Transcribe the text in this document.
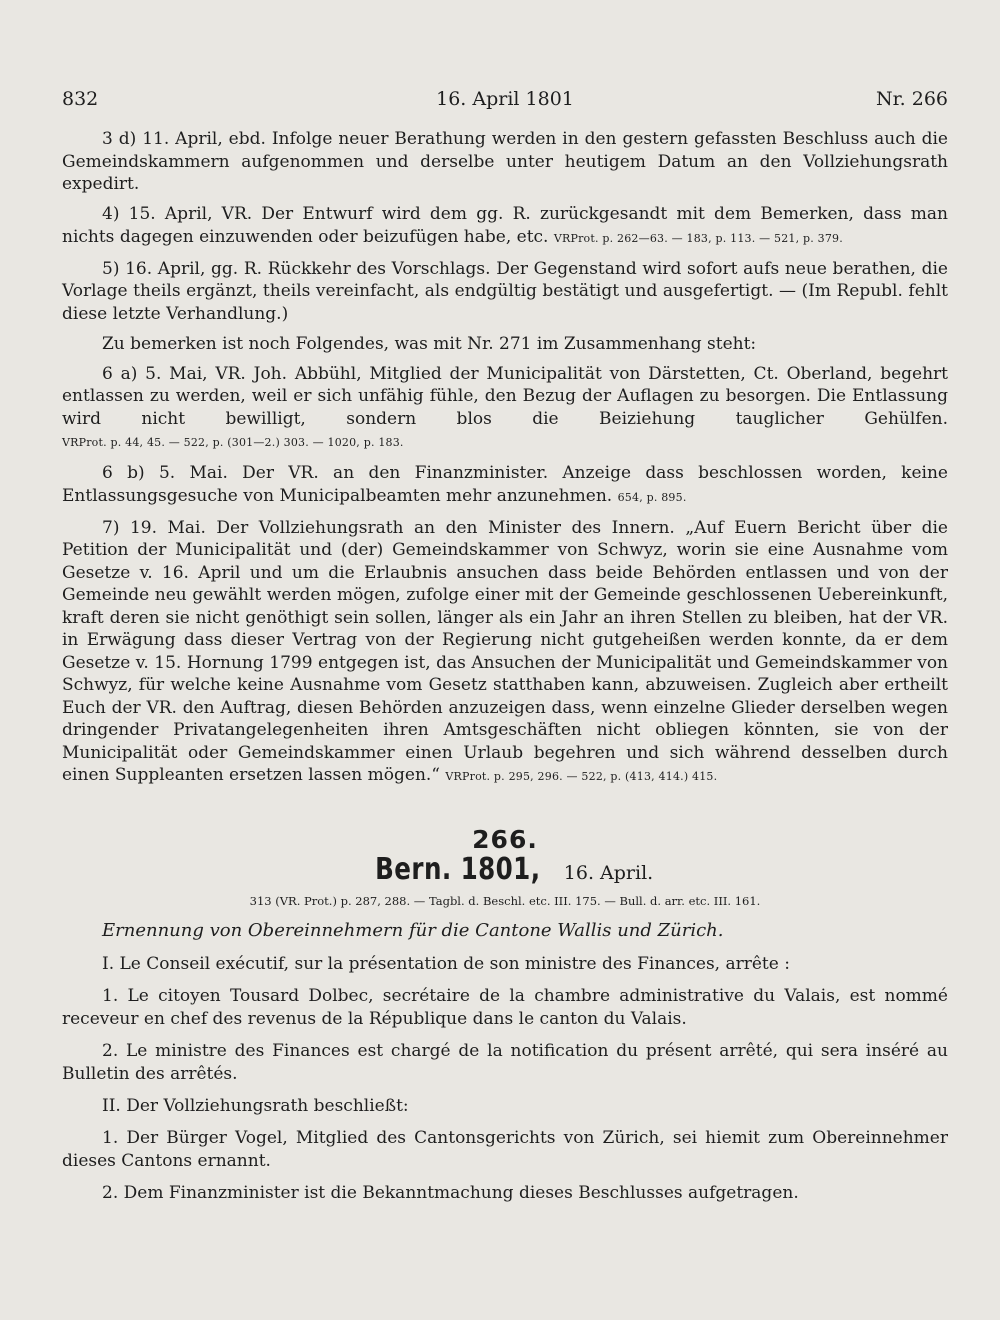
832	16. April 1801	Nr. 266

3 d) 11. April, ebd. Infolge neuer Berathung werden in den gestern gefassten Beschluss auch die Gemeindskammern aufgenommen und derselbe unter heutigem Datum an den Vollziehungsrath expedirt.

4) 15. April, VR. Der Entwurf wird dem gg. R. zurückgesandt mit dem Bemerken, dass man nichts dagegen einzuwenden oder beizufügen habe, etc. VRProt. p. 262—63. — 183, p. 113. — 521, p. 379.

5) 16. April, gg. R. Rückkehr des Vorschlags. Der Gegenstand wird sofort aufs neue berathen, die Vorlage theils ergänzt, theils vereinfacht, als endgültig bestätigt und ausgefertigt. — (Im Republ. fehlt diese letzte Verhandlung.)

Zu bemerken ist noch Folgendes, was mit Nr. 271 im Zusammenhang steht:

6 a) 5. Mai, VR. Joh. Abbühl, Mitglied der Municipalität von Därstetten, Ct. Oberland, begehrt entlassen zu werden, weil er sich unfähig fühle, den Bezug der Auflagen zu besorgen. Die Entlassung wird nicht bewilligt, sondern blos die Beiziehung tauglicher Gehülfen. VRProt. p. 44, 45. — 522, p. (301—2.) 303. — 1020, p. 183.

6 b) 5. Mai. Der VR. an den Finanzminister. Anzeige dass beschlossen worden, keine Entlassungsgesuche von Municipalbeamten mehr anzunehmen. 654, p. 895.

7) 19. Mai. Der Vollziehungsrath an den Minister des Innern. „Auf Euern Bericht über die Petition der Municipalität und (der) Gemeindskammer von Schwyz, worin sie eine Ausnahme vom Gesetze v. 16. April und um die Erlaubnis ansuchen dass beide Behörden entlassen und von der Gemeinde neu gewählt werden mögen, zufolge einer mit der Gemeinde geschlossenen Uebereinkunft, kraft deren sie nicht genöthigt sein sollen, länger als ein Jahr an ihren Stellen zu bleiben, hat der VR. in Erwägung dass dieser Vertrag von der Regierung nicht gutgeheißen werden konnte, da er dem Gesetze v. 15. Hornung 1799 entgegen ist, das Ansuchen der Municipalität und Gemeindskammer von Schwyz, für welche keine Ausnahme vom Gesetz statthaben kann, abzuweisen. Zugleich aber ertheilt Euch der VR. den Auftrag, diesen Behörden anzuzeigen dass, wenn einzelne Glieder derselben wegen dringender Privatangelegenheiten ihren Amtsgeschäften nicht obliegen könnten, sie von der Municipalität oder Gemeindskammer einen Urlaub begehren und sich während desselben durch einen Suppleanten ersetzen lassen mögen.“ VRProt. p. 295, 296. — 522, p. (413, 414.) 415.

266.
Bern. 1801, 16. April.
313 (VR. Prot.) p. 287, 288. — Tagbl. d. Beschl. etc. III. 175. — Bull. d. arr. etc. III. 161.
Ernennung von Obereinnehmern für die Cantone Wallis und Zürich.

I. Le Conseil exécutif, sur la présentation de son ministre des Finances, arrête :

1. Le citoyen Tousard Dolbec, secrétaire de la chambre administrative du Valais, est nommé receveur en chef des revenus de la République dans le canton du Valais.

2. Le ministre des Finances est chargé de la notification du présent arrêté, qui sera inséré au Bulletin des arrêtés.

II. Der Vollziehungsrath beschließt:

1. Der Bürger Vogel, Mitglied des Cantonsgerichts von Zürich, sei hiemit zum Obereinnehmer dieses Cantons ernannt.

2. Dem Finanzminister ist die Bekanntmachung dieses Beschlusses aufgetragen.
